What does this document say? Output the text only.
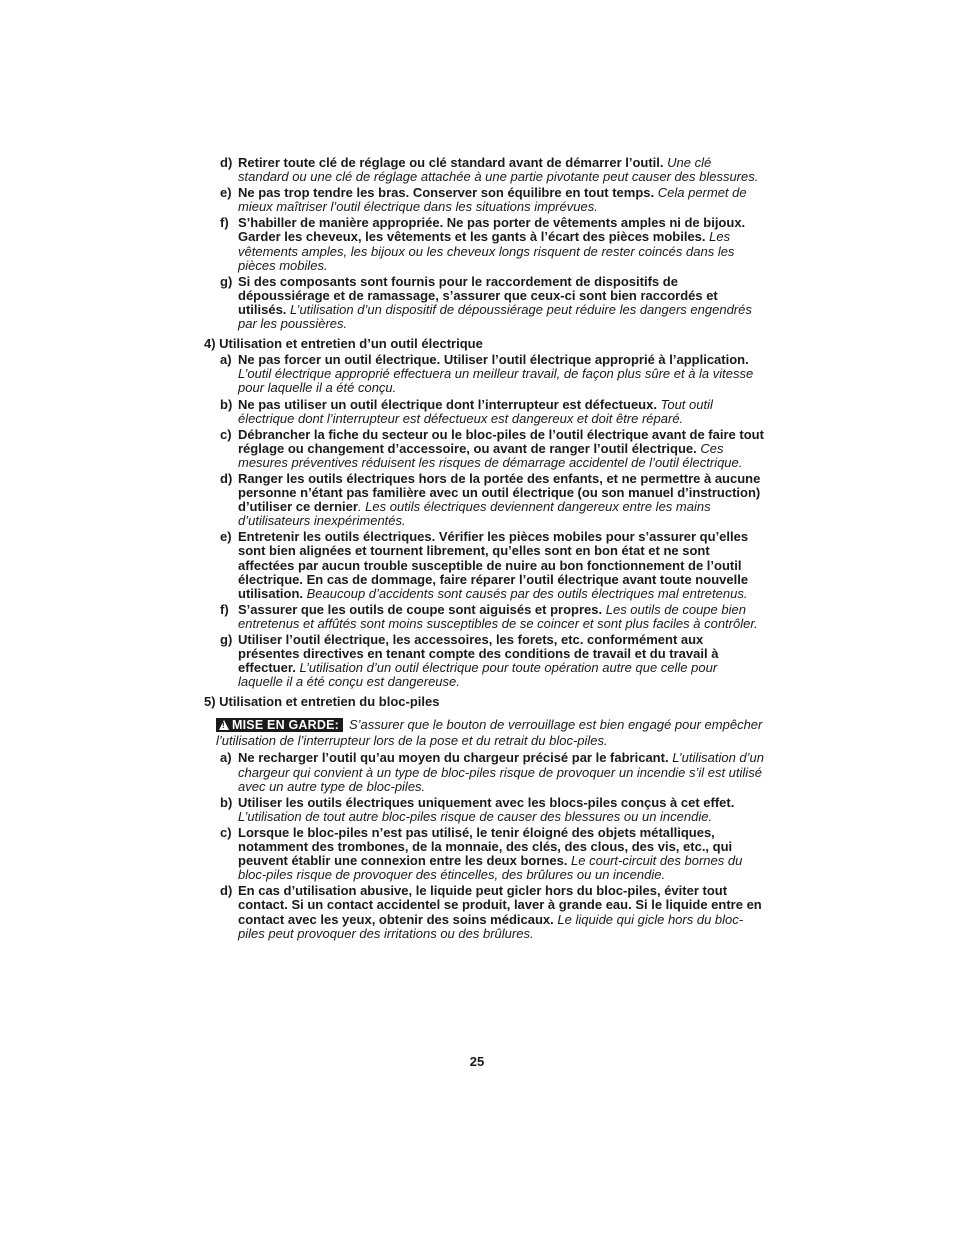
d) Retirer toute clé de réglage ou clé standard avant de démarrer l’outil. Une clé standard ou une clé de réglage attachée à une partie pivotante peut causer des blessures.
e) Ne pas trop tendre les bras. Conserver son équilibre en tout temps. Cela permet de mieux maîtriser l’outil électrique dans les situations imprévues.
f) S’habiller de manière appropriée. Ne pas porter de vêtements amples ni de bijoux. Garder les cheveux, les vêtements et les gants à l’écart des pièces mobiles. Les vêtements amples, les bijoux ou les cheveux longs risquent de rester coincés dans les pièces mobiles.
g) Si des composants sont fournis pour le raccordement de dispositifs de dépoussiérage et de ramassage, s’assurer que ceux-ci sont bien raccordés et utilisés. L’utilisation d’un dispositif de dépoussiérage peut réduire les dangers engendrés par les poussières.
4) Utilisation et entretien d’un outil électrique
a) Ne pas forcer un outil électrique. Utiliser l’outil électrique approprié à l’application. L’outil électrique approprié effectuera un meilleur travail, de façon plus sûre et à la vitesse pour laquelle il a été conçu.
b) Ne pas utiliser un outil électrique dont l’interrupteur est défectueux. Tout outil électrique dont l’interrupteur est défectueux est dangereux et doit être réparé.
c) Débrancher la fiche du secteur ou le bloc-piles de l’outil électrique avant de faire tout réglage ou changement d’accessoire, ou avant de ranger l’outil électrique. Ces mesures préventives réduisent les risques de démarrage accidentel de l’outil électrique.
d) Ranger les outils électriques hors de la portée des enfants, et ne permettre à aucune personne n’étant pas familière avec un outil électrique (ou son manuel d’instruction) d’utiliser ce dernier. Les outils électriques deviennent dangereux entre les mains d’utilisateurs inexpérimentés.
e) Entretenir les outils électriques. Vérifier les pièces mobiles pour s’assurer qu’elles sont bien alignées et tournent librement, qu’elles sont en bon état et ne sont affectées par aucun trouble susceptible de nuire au bon fonctionnement de l’outil électrique. En cas de dommage, faire réparer l’outil électrique avant toute nouvelle utilisation. Beaucoup d’accidents sont causés par des outils électriques mal entretenus.
f) S’assurer que les outils de coupe sont aiguisés et propres. Les outils de coupe bien entretenus et affûtés sont moins susceptibles de se coincer et sont plus faciles à contrôler.
g) Utiliser l’outil électrique, les accessoires, les forets, etc. conformément aux présentes directives en tenant compte des conditions de travail et du travail à effectuer. L’utilisation d’un outil électrique pour toute opération autre que celle pour laquelle il a été conçu est dangereuse.
5) Utilisation et entretien du bloc-piles
!MISE EN GARDE: S’assurer que le bouton de verrouillage est bien engagé pour empêcher l’utilisation de l’interrupteur lors de la pose et du retrait du bloc-piles.
a) Ne recharger l’outil qu’au moyen du chargeur précisé par le fabricant. L’utilisation d’un chargeur qui convient à un type de bloc-piles risque de provoquer un incendie s’il est utilisé avec un autre type de bloc-piles.
b) Utiliser les outils électriques uniquement avec les blocs-piles conçus à cet effet. L’utilisation de tout autre bloc-piles risque de causer des blessures ou un incendie.
c) Lorsque le bloc-piles n’est pas utilisé, le tenir éloigné des objets métalliques, notamment des trombones, de la monnaie, des clés, des clous, des vis, etc., qui peuvent établir une connexion entre les deux bornes. Le court-circuit des bornes du bloc-piles risque de provoquer des étincelles, des brûlures ou un incendie.
d) En cas d’utilisation abusive, le liquide peut gicler hors du bloc-piles, éviter tout contact. Si un contact accidentel se produit, laver à grande eau. Si le liquide entre en contact avec les yeux, obtenir des soins médicaux. Le liquide qui gicle hors du bloc-piles peut provoquer des irritations ou des brûlures.
25
